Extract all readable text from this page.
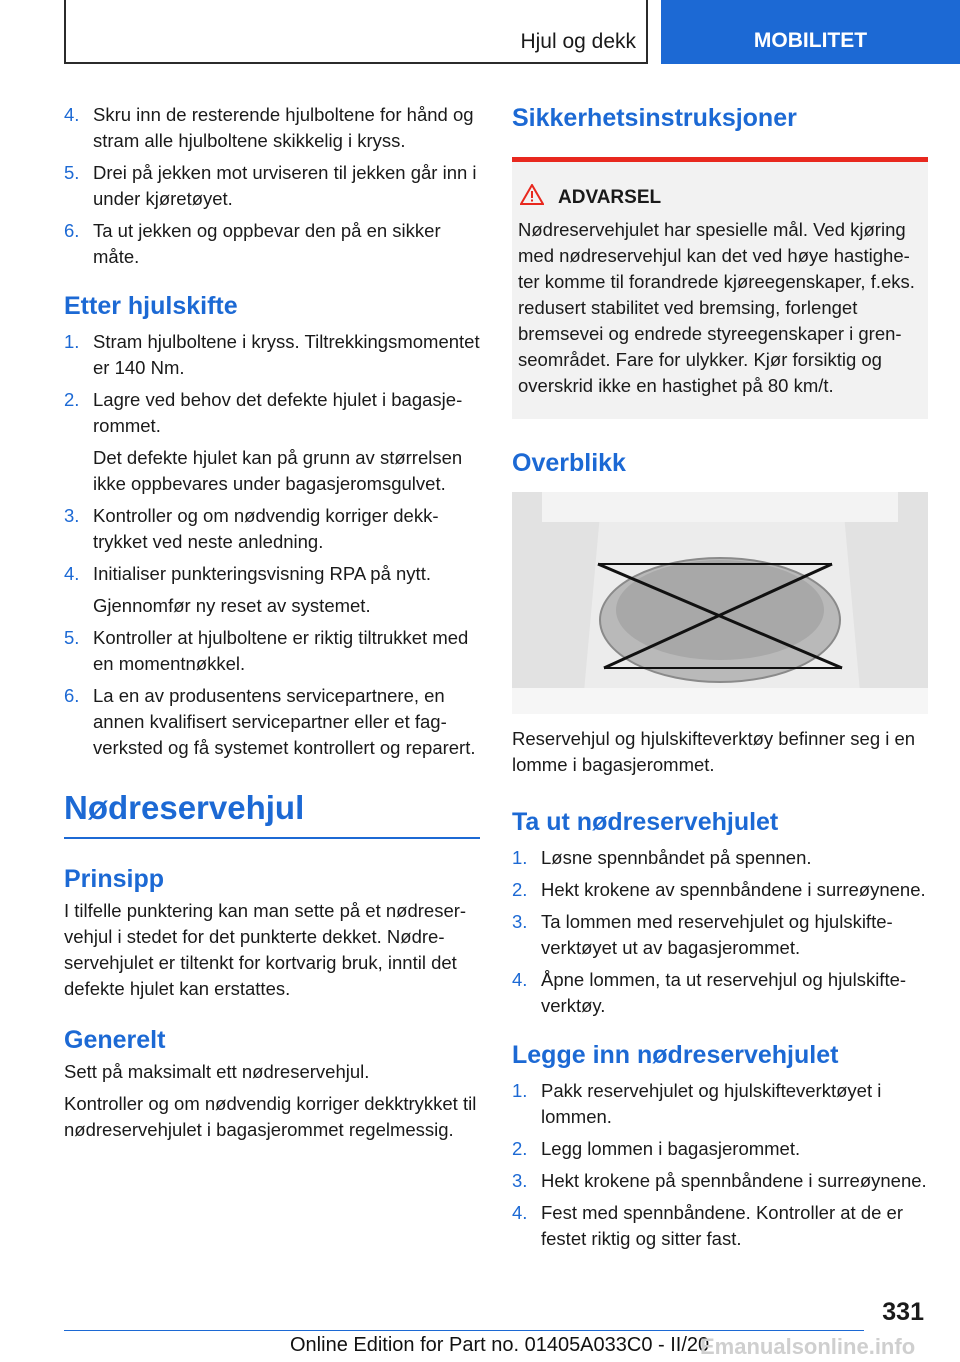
Hjul og dekk	MOBILITET
4. Skru inn de resterende hjulboltene for hånd og stram alle hjulboltene skikkelig i kryss.
5. Drei på jekken mot urviseren til jekken går inn i under kjøretøyet.
6. Ta ut jekken og oppbevar den på en sikker måte.
Etter hjulskifte
1. Stram hjulboltene i kryss. Tiltrekkingsmomentet er 140 Nm.
2. Lagre ved behov det defekte hjulet i bagasjerommet.

Det defekte hjulet kan på grunn av størrelsen ikke oppbevares under bagasjeromsgulvet.

3. Kontroller og om nødvendig korriger dekktrykket ved neste anledning.
4. Initialiser punkteringsvisning RPA på nytt.

Gjennomfør ny reset av systemet.

5. Kontroller at hjulboltene er riktig tiltrukket med en momentnøkkel.
6. La en av produsentens servicepartnere, en annen kvalifisert servicepartner eller et fagverksted og få systemet kontrollert og reparert.
Nødreservehjul
Prinsipp

I tilfelle punktering kan man sette på et nødreservehjul i stedet for det punkterte dekket. Nødreservehjulet er tiltenkt for kortvarig bruk, inntil det defekte hjulet kan erstattes.

Generelt

Sett på maksimalt ett nødreservehjul.

Kontroller og om nødvendig korriger dekktrykket til nødreservehjulet i bagasjerommet regelmessig.

Sikkerhetsinstruksjoner
ADVARSEL
Nødreservehjulet har spesielle mål. Ved kjøring med nødreservehjul kan det ved høye hastigheter komme til forandrede kjøreegenskaper, f.eks. redusert stabilitet ved bremsing, forlenget bremsevei og endrede styreegenskaper i grenseområdet. Fare for ulykker. Kjør forsiktig og overskrid ikke en hastighet på 80 km/t.
Overblikk
Reservehjul og hjulskifteverktøy befinner seg i en lomme i bagasjerommet.
Ta ut nødreservehjulet
1. Løsne spennbåndet på spennen.
2. Hekt krokene av spennbåndene i surreøynene.
3. Ta lommen med reservehjulet og hjulskifteverktøyet ut av bagasjerommet.
4. Åpne lommen, ta ut reservehjul og hjulskifteverktøy.
Legge inn nødreservehjulet
1. Pakk reservehjulet og hjulskifteverktøyet i lommen.
2. Legg lommen i bagasjerommet.
3. Hekt krokene på spennbåndene i surreøynene.
4. Fest med spennbåndene. Kontroller at de er festet riktig og sitter fast.
331
Online Edition for Part no. 01405A033C0 - II/20
Emanualsonline.info
